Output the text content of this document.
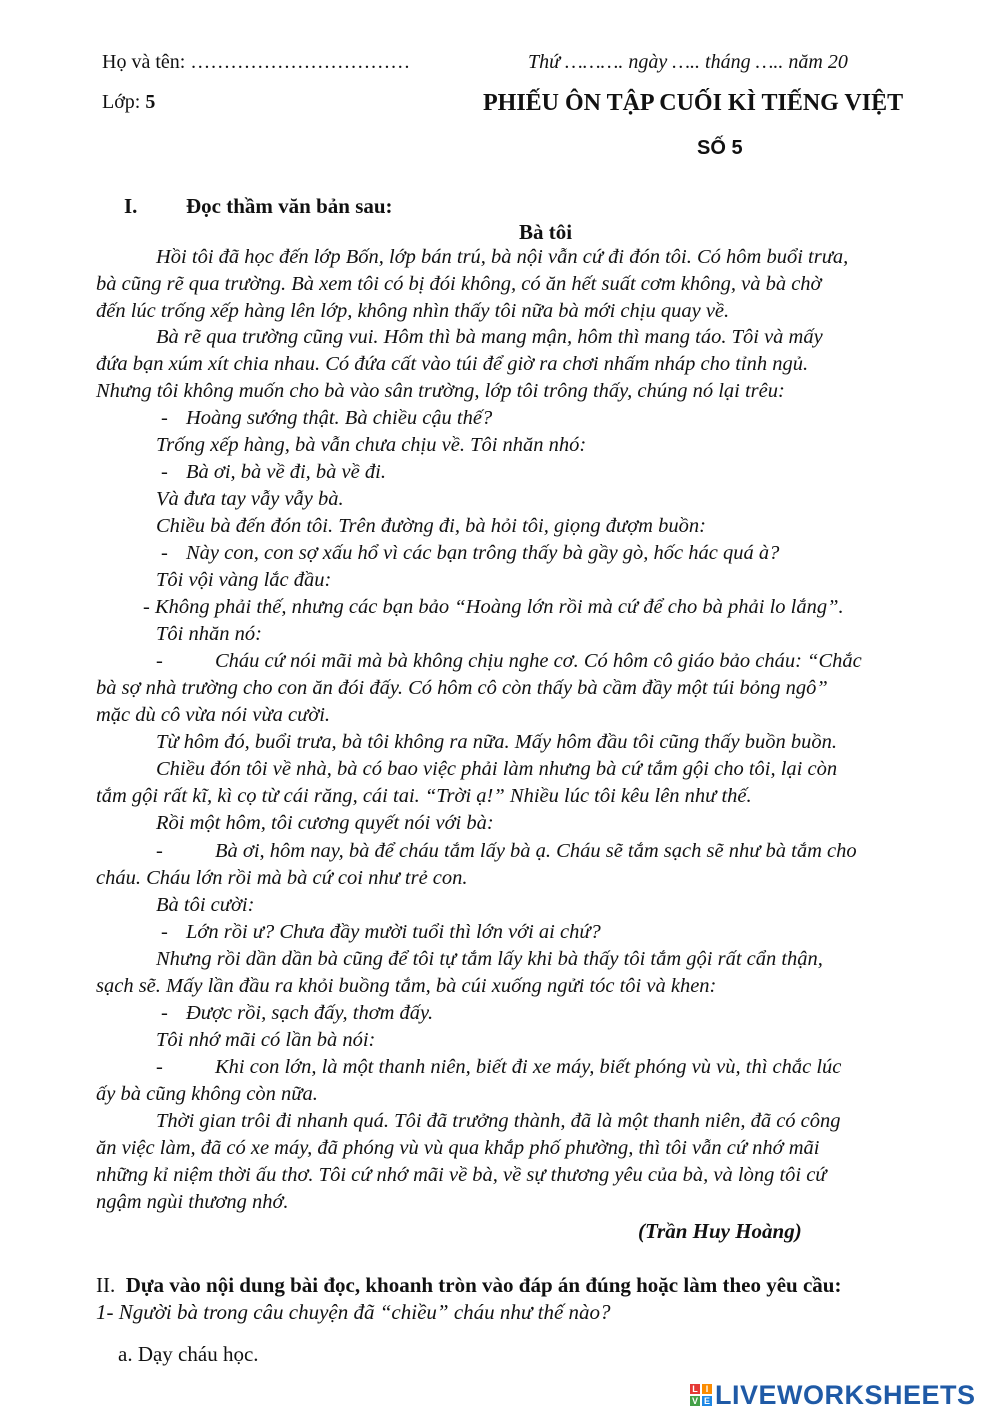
Họ và tên: ……………………………	Thứ ………. ngày ….. tháng ….. năm 20
Lớp: 5	PHIẾU ÔN TẬP CUỐI KÌ TIẾNG VIỆT
SỐ 5
I. Đọc thầm văn bản sau:
Bà tôi
Hồi tôi đã học đến lớp Bốn, lớp bán trú, bà nội vẫn cứ đi đón tôi. Có hôm buổi trưa,
bà cũng rẽ qua trường. Bà xem tôi có bị đói không, có ăn hết suất cơm không, và bà chờ
đến lúc trống xếp hàng lên lớp, không nhìn thấy tôi nữa bà mới chịu quay về.
Bà rẽ qua trường cũng vui. Hôm thì bà mang mận, hôm thì mang táo. Tôi và mấy
đứa bạn xúm xít chia nhau. Có đứa cất vào túi để giờ ra chơi nhấm nháp cho tỉnh ngủ.
Nhưng tôi không muốn cho bà vào sân trường, lớp tôi trông thấy, chúng nó lại trêu:
- Hoàng sướng thật. Bà chiều cậu thế?
Trống xếp hàng, bà vẫn chưa chịu về. Tôi nhăn nhó:
- Bà ơi, bà về đi, bà về đi.
Và đưa tay vẫy vẫy bà.
Chiều bà đến đón tôi. Trên đường đi, bà hỏi tôi, giọng đượm buồn:
- Này con, con sợ xấu hổ vì các bạn trông thấy bà gầy gò, hốc hác quá à?
Tôi vội vàng lắc đầu:
- Không phải thế, nhưng các bạn bảo “Hoàng lớn rồi mà cứ để cho bà phải lo lắng”.
Tôi nhăn nó:
-	Cháu cứ nói mãi mà bà không chịu nghe cơ. Có hôm cô giáo bảo cháu: “Chắc
bà sợ nhà trường cho con ăn đói đấy. Có hôm cô còn thấy bà cầm đầy một túi bỏng ngô”
mặc dù cô vừa nói vừa cười.
Từ hôm đó, buổi trưa, bà tôi không ra nữa. Mấy hôm đầu tôi cũng thấy buồn buồn.
Chiều đón tôi về nhà, bà có bao việc phải làm nhưng bà cứ tắm gội cho tôi, lại còn
tắm gội rất kĩ, kì cọ từ cái răng, cái tai. “Trời ạ!” Nhiều lúc tôi kêu lên như thế.
Rồi một hôm, tôi cương quyết nói với bà:
-	Bà ơi, hôm nay, bà để cháu tắm lấy bà ạ. Cháu sẽ tắm sạch sẽ như bà tắm cho
cháu. Cháu lớn rồi mà bà cứ coi như trẻ con.
Bà tôi cười:
- Lớn rồi ư? Chưa đầy mười tuổi thì lớn với ai chứ?
Nhưng rồi dần dần bà cũng để tôi tự tắm lấy khi bà thấy tôi tắm gội rất cẩn thận,
sạch sẽ. Mấy lần đầu ra khỏi buồng tắm, bà cúi xuống ngửi tóc tôi và khen:
- Được rồi, sạch đấy, thơm đấy.
Tôi nhớ mãi có lần bà nói:
-	Khi con lớn, là một thanh niên, biết đi xe máy, biết phóng vù vù, thì chắc lúc
ấy bà cũng không còn nữa.
Thời gian trôi đi nhanh quá. Tôi đã trưởng thành, đã là một thanh niên, đã có công
ăn việc làm, đã có xe máy, đã phóng vù vù qua khắp phố phường, thì tôi vẫn cứ nhớ mãi
những kỉ niệm thời ấu thơ. Tôi cứ nhớ mãi về bà, về sự thương yêu của bà, và lòng tôi cứ
ngậm ngùi thương nhớ.
(Trần Huy Hoàng)
II. Dựa vào nội dung bài đọc, khoanh tròn vào đáp án đúng hoặc làm theo yêu cầu:
1- Người bà trong câu chuyện đã “chiều” cháu như thế nào?
a. Dạy cháu học.
L I
V E LIVEWORKSHEETS
